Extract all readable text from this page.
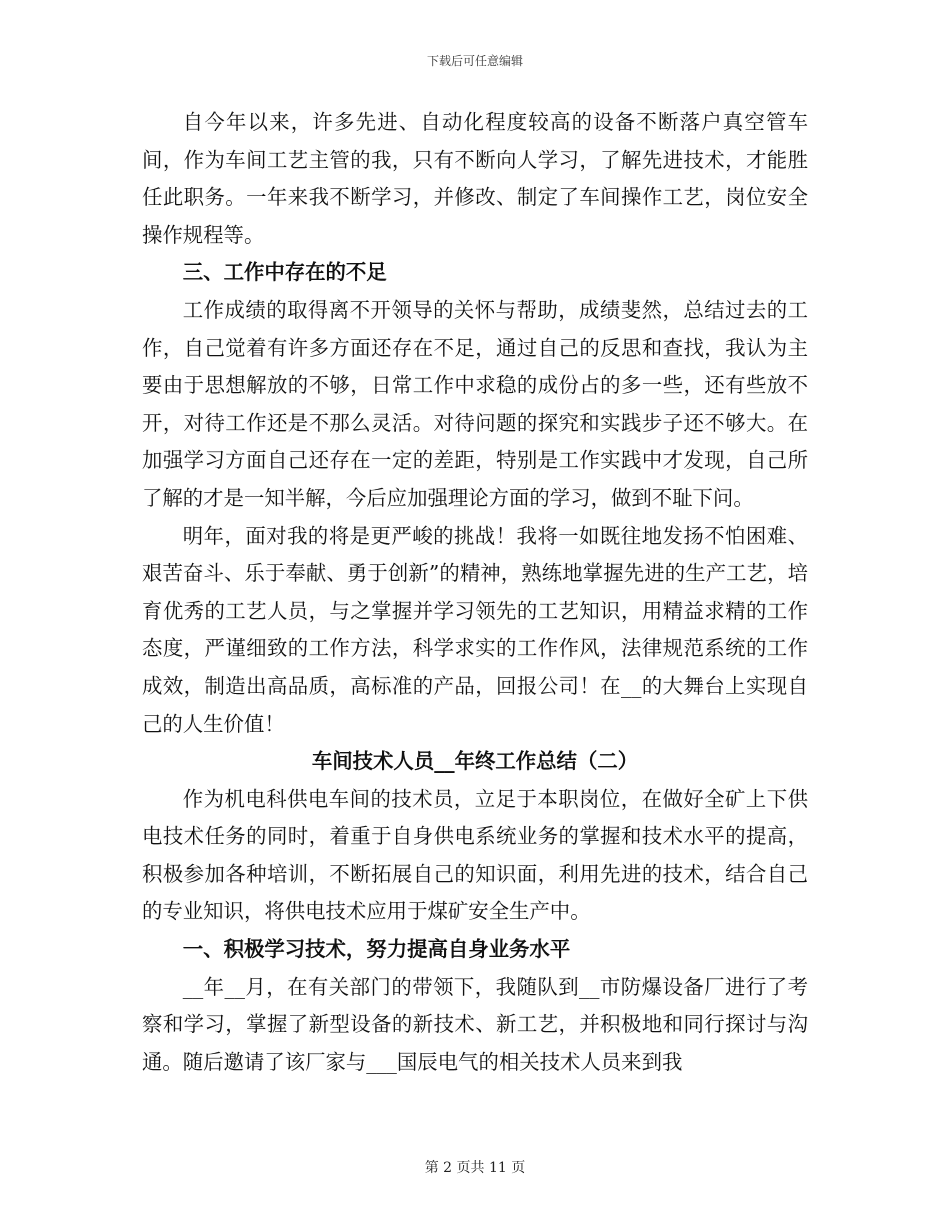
下载后可任意编辑

自今年以来，许多先进、自动化程度较高的设备不断落户真空管车间，作为车间工艺主管的我，只有不断向人学习，了解先进技术，才能胜任此职务。一年来我不断学习，并修改、制定了车间操作工艺，岗位安全操作规程等。

三、工作中存在的不足

工作成绩的取得离不开领导的关怀与帮助，成绩斐然，总结过去的工作，自己觉着有许多方面还存在不足，通过自己的反思和查找，我认为主要由于思想解放的不够，日常工作中求稳的成份占的多一些，还有些放不开，对待工作还是不那么灵活。对待问题的探究和实践步子还不够大。在加强学习方面自己还存在一定的差距，特别是工作实践中才发现，自己所了解的才是一知半解，今后应加强理论方面的学习，做到不耻下问。

明年，面对我的将是更严峻的挑战！我将一如既往地发扬不怕困难、艰苦奋斗、乐于奉献、勇于创新”的精神，熟练地掌握先进的生产工艺，培育优秀的工艺人员，与之掌握并学习领先的工艺知识，用精益求精的工作态度，严谨细致的工作方法，科学求实的工作作风，法律规范系统的工作成效，制造出高品质，高标准的产品，回报公司！在__的大舞台上实现自己的人生价值！

车间技术人员__年终工作总结（二）

作为机电科供电车间的技术员，立足于本职岗位，在做好全矿上下供电技术任务的同时，着重于自身供电系统业务的掌握和技术水平的提高，积极参加各种培训，不断拓展自己的知识面，利用先进的技术，结合自己的专业知识，将供电技术应用于煤矿安全生产中。

一、积极学习技术，努力提高自身业务水平

__年__月，在有关部门的带领下，我随队到__市防爆设备厂进行了考察和学习，掌握了新型设备的新技术、新工艺，并积极地和同行探讨与沟通。随后邀请了该厂家与___国辰电气的相关技术人员来到我

第 2 页共 11 页
